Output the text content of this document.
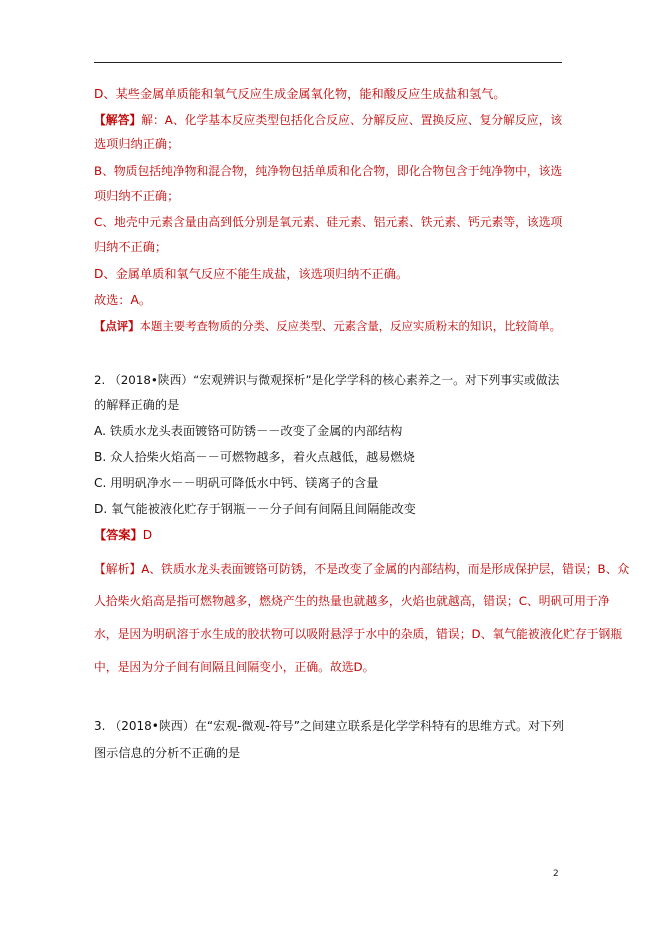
D、某些金属单质能和氧气反应生成金属氧化物，能和酸反应生成盐和氢气。
【解答】解：A、化学基本反应类型包括化合反应、分解反应、置换反应、复分解反应，该
选项归纳正确；
B、物质包括纯净物和混合物，纯净物包括单质和化合物，即化合物包含于纯净物中，该选
项归纳不正确；
C、地壳中元素含量由高到低分别是氧元素、硅元素、铝元素、铁元素、钙元素等，该选项
归纳不正确；
D、金属单质和氧气反应不能生成盐，该选项归纳不正确。
故选：A。
【点评】本题主要考查物质的分类、反应类型、元素含量，反应实质粉末的知识，比较简单。
2. （2018•陕西）“宏观辨识与微观探析”是化学学科的核心素养之一。对下列事实或做法
的解释正确的是
A. 铁质水龙头表面镀铬可防锈－－改变了金属的内部结构
B. 众人拾柴火焰高－－可燃物越多，着火点越低，越易燃烧
C. 用明矾净水－－明矾可降低水中钙、镁离子的含量
D. 氧气能被液化贮存于钢瓶－－分子间有间隔且间隔能改变
【答案】D
【解析】A、铁质水龙头表面镀铬可防锈，不是改变了金属的内部结构，而是形成保护层，错误；B、众
人拾柴火焰高是指可燃物越多，燃烧产生的热量也就越多，火焰也就越高，错误；C、明矾可用于净
水，是因为明矾溶于水生成的胶状物可以吸附悬浮于水中的杂质，错误；D、氧气能被液化贮存于钢瓶
中，是因为分子间有间隔且间隔变小，正确。故选D。
3. （2018•陕西）在“宏观-微观-符号”之间建立联系是化学学科特有的思维方式。对下列
图示信息的分析不正确的是
2
